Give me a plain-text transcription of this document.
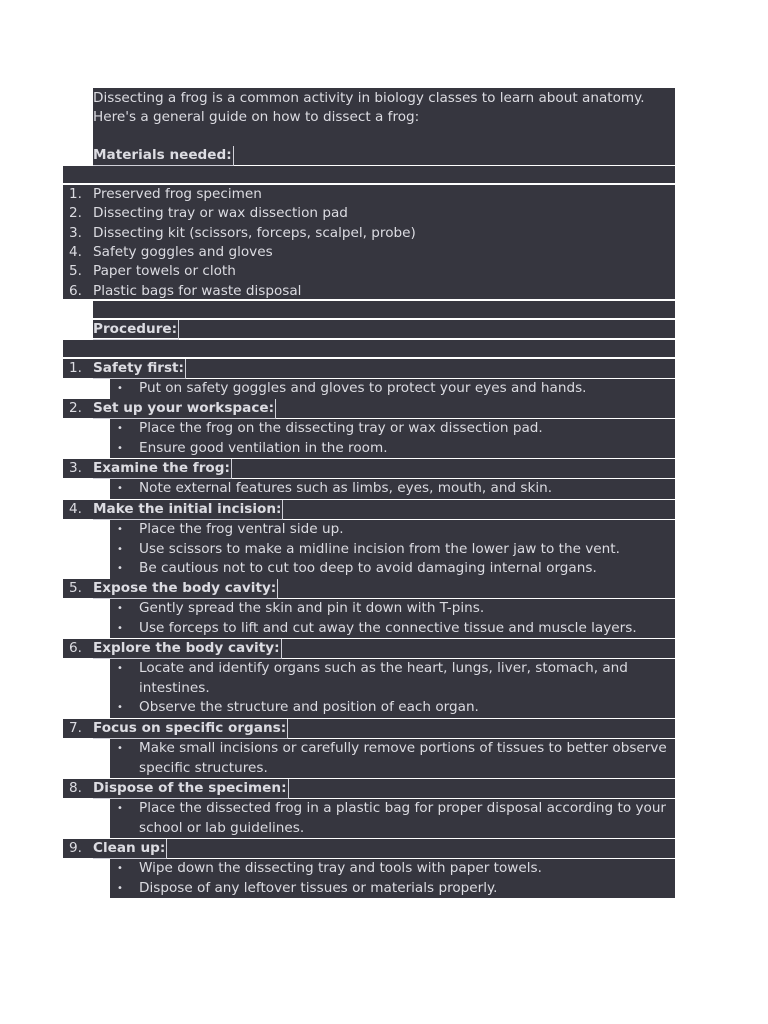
Dissecting a frog is a common activity in biology classes to learn about anatomy.
Here's a general guide on how to dissect a frog:
Materials needed:
1. Preserved frog specimen
2. Dissecting tray or wax dissection pad
3. Dissecting kit (scissors, forceps, scalpel, probe)
4. Safety goggles and gloves
5. Paper towels or cloth
6. Plastic bags for waste disposal
Procedure:
1. Safety first:
• Put on safety goggles and gloves to protect your eyes and hands.
2. Set up your workspace:
• Place the frog on the dissecting tray or wax dissection pad.
• Ensure good ventilation in the room.
3. Examine the frog:
• Note external features such as limbs, eyes, mouth, and skin.
4. Make the initial incision:
• Place the frog ventral side up.
• Use scissors to make a midline incision from the lower jaw to the vent.
• Be cautious not to cut too deep to avoid damaging internal organs.
5. Expose the body cavity:
• Gently spread the skin and pin it down with T-pins.
• Use forceps to lift and cut away the connective tissue and muscle layers.
6. Explore the body cavity:
• Locate and identify organs such as the heart, lungs, liver, stomach, and
intestines.
• Observe the structure and position of each organ.
7. Focus on specific organs:
• Make small incisions or carefully remove portions of tissues to better observe
specific structures.
8. Dispose of the specimen:
• Place the dissected frog in a plastic bag for proper disposal according to your
school or lab guidelines.
9. Clean up:
• Wipe down the dissecting tray and tools with paper towels.
• Dispose of any leftover tissues or materials properly.
